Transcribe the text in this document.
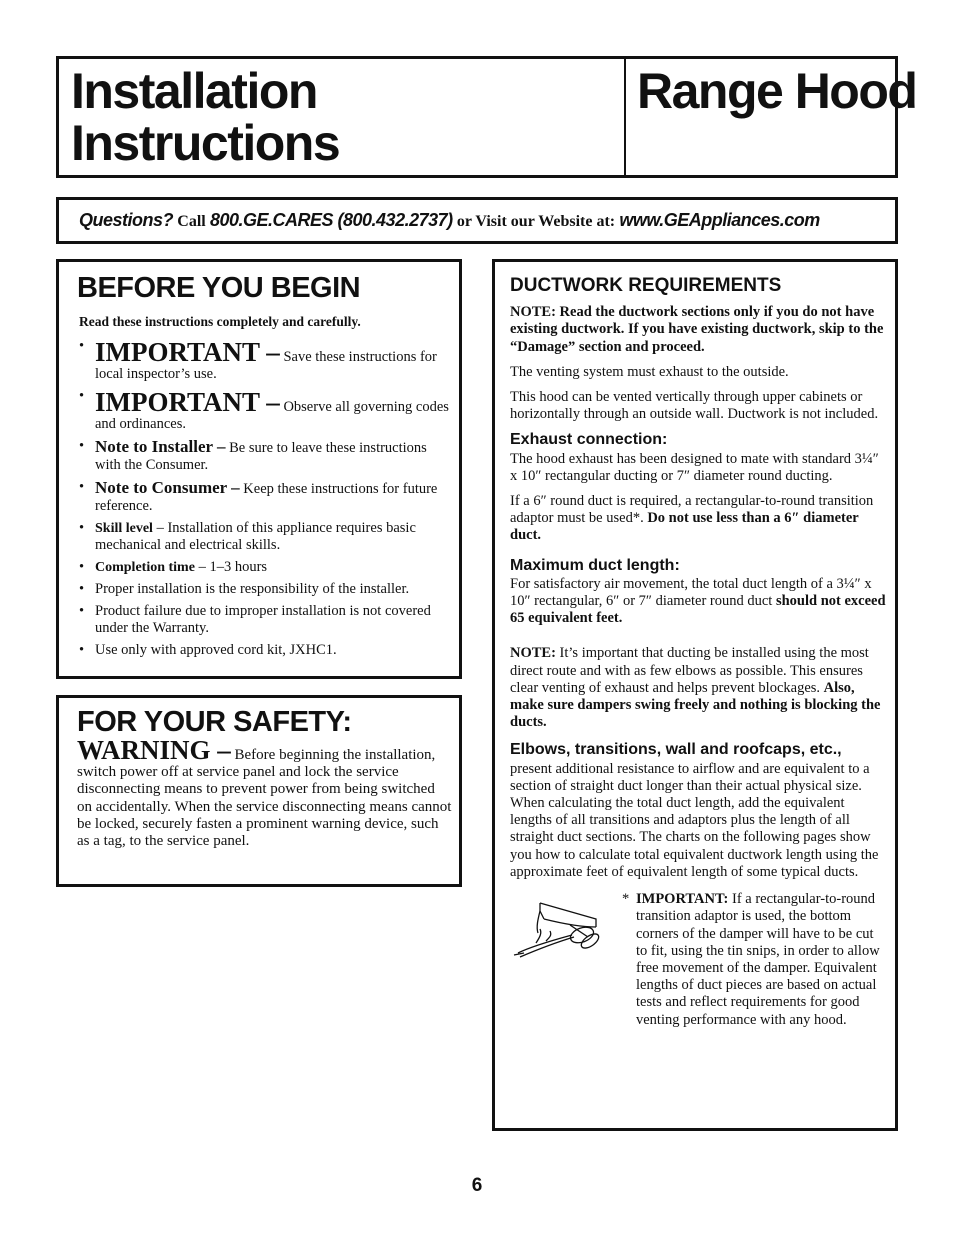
Installation
Instructions
Range Hood
Questions? Call 800.GE.CARES (800.432.2737) or Visit our Website at: www.GEAppliances.com
BEFORE YOU BEGIN
Read these instructions completely and carefully.
• IMPORTANT – Save these instructions for local inspector’s use.
• IMPORTANT – Observe all governing codes and ordinances.
• Note to Installer – Be sure to leave these instructions with the Consumer.
• Note to Consumer – Keep these instructions for future reference.
• Skill level – Installation of this appliance requires basic mechanical and electrical skills.
• Completion time – 1–3 hours
• Proper installation is the responsibility of the installer.
• Product failure due to improper installation is not covered under the Warranty.
• Use only with approved cord kit, JXHC1.
FOR YOUR SAFETY:
WARNING – Before beginning the installation, switch power off at service panel and lock the service disconnecting means to prevent power from being switched on accidentally. When the service disconnecting means cannot be locked, securely fasten a prominent warning device, such as a tag, to the service panel.
DUCTWORK REQUIREMENTS

NOTE: Read the ductwork sections only if you do not have existing ductwork. If you have existing ductwork, skip to the “Damage” section and proceed.

The venting system must exhaust to the outside.

This hood can be vented vertically through upper cabinets or horizontally through an outside wall. Ductwork is not included.

Exhaust connection:

The hood exhaust has been designed to mate with standard 3¼″ x 10″ rectangular ducting or 7″ diameter round ducting.

If a 6″ round duct is required, a rectangular-to-round transition adaptor must be used*. Do not use less than a 6″ diameter duct.

Maximum duct length:

For satisfactory air movement, the total duct length of a 3¼″ x 10″ rectangular, 6″ or 7″ diameter round duct should not exceed 65 equivalent feet.

NOTE: It’s important that ducting be installed using the most direct route and with as few elbows as possible. This ensures clear venting of exhaust and helps prevent blockages. Also, make sure dampers swing freely and nothing is blocking the ducts.

Elbows, transitions, wall and roofcaps, etc.,

present additional resistance to airflow and are equivalent to a section of straight duct longer than their actual physical size. When calculating the total duct length, add the equivalent lengths of all transitions and adaptors plus the length of all straight duct sections. The charts on the following pages show you how to calculate total equivalent ductwork length using the approximate feet of equivalent length of some typical ducts.

* IMPORTANT: If a rectangular-to-round transition adaptor is used, the bottom corners of the damper will have to be cut to fit, using the tin snips, in order to allow free movement of the damper. Equivalent lengths of duct pieces are based on actual tests and reflect requirements for good venting performance with any hood.
6
